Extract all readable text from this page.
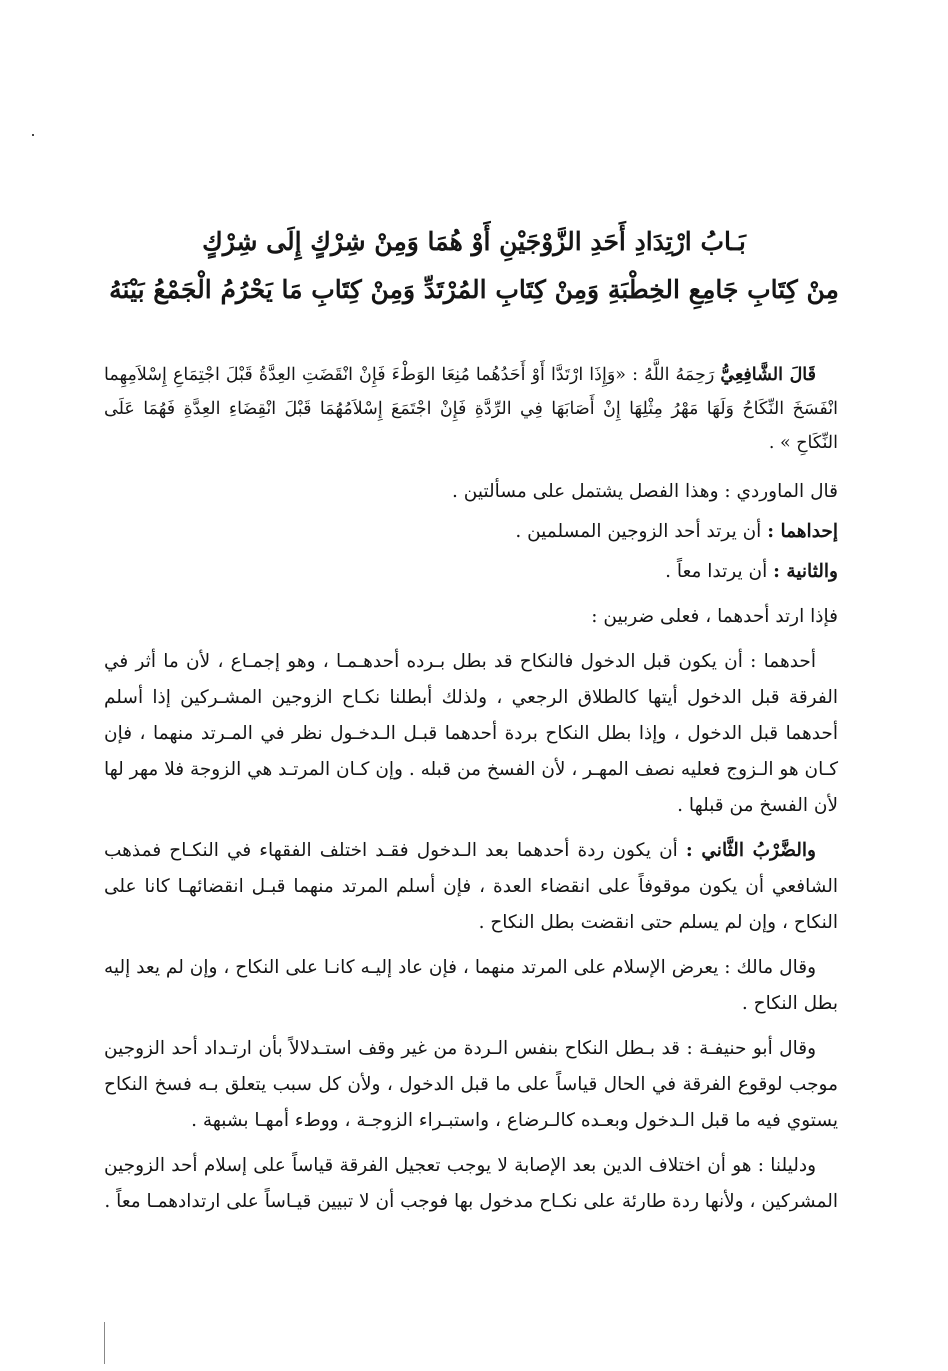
بَـابُ ارْتِدَادِ أَحَدِ الزَّوْجَيْنِ أَوْ هُمَا وَمِنْ شِرْكٍ إِلَى شِرْكٍ
مِنْ كِتَابِ جَامِعِ الخِطْبَةِ وَمِنْ كِتَابِ المُرْتَدِّ وَمِنْ كِتَابِ مَا يَحْرُمُ الْجَمْعُ بَيْنَهُ

قَالَ الشَّافِعِيُّ رَحِمَهُ اللَّهُ : «وَإِذَا ارْتَدَّا أَوْ أَحَدُهُما مُنِعَا الوَطْءَ فَإِنْ انْقَضَتِ العِدَّةُ قَبْلَ اجْتِمَاعِ إِسْلاَمِهِما انْفَسَخَ النِّكَاحُ وَلَهَا مَهْرُ مِثْلِهَا إِنْ أَصَابَهَا فِي الرِّدَّةِ فَإِنْ اجْتَمَعَ إِسْلاَمُهُمَا قَبْلَ انْقِضَاءِ العِدَّةِ فَهُمَا عَلَى النِّكَاحِ » .

قال الماوردي : وهذا الفصل يشتمل على مسألتين .

إحداهما : أن يرتد أحد الزوجين المسلمين .

والثانية : أن يرتدا معاً .

فإذا ارتد أحدهما ، فعلى ضربين :

أحدهما : أن يكون قبل الدخول فالنكاح قد بطل بـرده أحدهـمـا ، وهو إجمـاع ، لأن ما أثر في الفرقة قبل الدخول أيتها كالطلاق الرجعي ، ولذلك أبطلنا نكـاح الزوجين المشـركين إذا أسلم أحدهما قبل الدخول ، وإذا بطل النكاح بردة أحدهما قبـل الـدخـول نظر في المـرتد منهما ، فإن كـان هو الـزوج فعليه نصف المهـر ، لأن الفسخ من قبله . وإن كـان المرتـد هي الزوجة فلا مهر لها لأن الفسخ من قبلها .

والضَّرْبُ الثَّاني : أن يكون ردة أحدهما بعد الـدخول فقـد اختلف الفقهاء في النكـاح فمذهب الشافعي أن يكون موقوفاً على انقضاء العدة ، فإن أسلم المرتد منهما قبـل انقضائهـا كانا على النكاح ، وإن لم يسلم حتى انقضت بطل النكاح .

وقال مالك : يعرض الإسلام على المرتد منهما ، فإن عاد إليـه كانـا على النكاح ، وإن لم يعد إليه بطل النكاح .

وقال أبو حنيفـة : قد بـطل النكاح بنفس الـردة من غير وقف استـدلالاً بأن ارتـداد أحد الزوجين موجب لوقوع الفرقة في الحال قياساً على ما قبل الدخول ، ولأن كل سبب يتعلق بـه فسخ النكاح يستوي فيه ما قبل الـدخول وبعـده كالـرضاع ، واستبـراء الزوجـة ، ووطء أمهـا بشبهة .

ودليلنا : هو أن اختلاف الدين بعد الإصابة لا يوجب تعجيل الفرقة قياساً على إسلام أحد الزوجين المشركين ، ولأنها ردة طارئة على نكـاح مدخول بها فوجب أن لا تبيين قيـاساً على ارتدادهمـا معاً .
